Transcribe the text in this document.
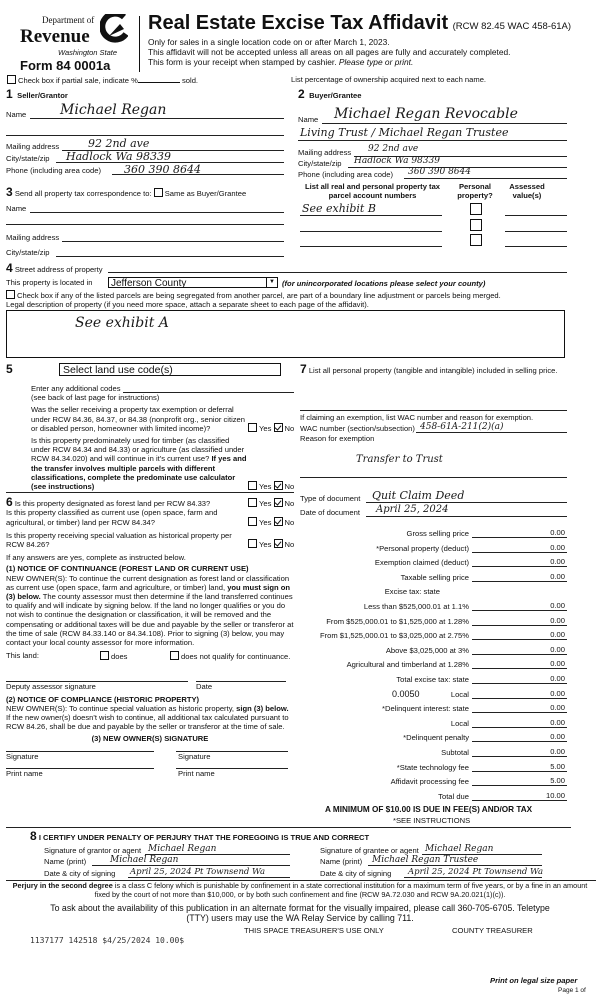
Department of
Revenue
Washington State
Form 84 0001a
Real Estate Excise Tax Affidavit (RCW 82.45 WAC 458-61A)
Only for sales in a single location code on or after March 1, 2023.
This affidavit will not be accepted unless all areas on all pages are fully and accurately completed.
This form is your receipt when stamped by cashier. Please type or print.
Check box if partial sale, indicate %	sold.	List percentage of ownership acquired next to each name.
1 Seller/Grantor
Name Michael Regan
Mailing address	92 2nd ave
City/state/zip Hadlock Wa 98339
Phone (including area code) 360 390 8644
2 Buyer/Grantee
Name Michael Regan Revocable
Living Trust / Michael Regan Trustee
Mailing address 92 2nd ave
City/state/zip Hadlock Wa 98339
Phone (including area code) 360 390 8644
3 Send all property tax correspondence to: Same as Buyer/Grantee
Name
Mailing address
City/state/zip
List all real and personal property tax parcel account numbers
Personal property?
Assessed value(s)
See exhibit B
4 Street address of property
This property is located in	Jefferson County	▼ (for unincorporated locations please select your county)
Check box if any of the listed parcels are being segregated from another parcel, are part of a boundary line adjustment or parcels being merged.
Legal description of property (if you need more space, attach a separate sheet to each page of the affidavit).
See exhibit A
5	Select land use code(s)
Enter any additional codes
(see back of last page for instructions)
Was the seller receiving a property tax exemption or deferral under RCW 84.36, 84.37, or 84.38 (nonprofit org., senior citizen or disabled person, homeowner with limited income)?	Yes No
Is this property predominately used for timber (as classified under RCW 84.34 and 84.33) or agriculture (as classified under RCW 84.34.020) and will continue in it's current use? If yes and the transfer involves multiple parcels with different classifications, complete the predominate use calculator (see instructions)	Yes No
6 Is this property designated as forest land per RCW 84.33?	Yes No
Is this property classified as current use (open space, farm and agricultural, or timber) land per RCW 84.34?	Yes No
Is this property receiving special valuation as historical property per RCW 84.26?	Yes No
If any answers are yes, complete as instructed below.
(1) NOTICE OF CONTINUANCE (FOREST LAND OR CURRENT USE)
NEW OWNER(S): To continue the current designation as forest land or classification as current use (open space, farm and agriculture, or timber) land, you must sign on (3) below. The county assessor must then determine if the land transferred continues to qualify and will indicate by signing below. If the land no longer qualifies or you do not wish to continue the designation or classification, it will be removed and the compensating or additional taxes will be due and payable by the seller or transferor at the time of sale (RCW 84.33.140 or 84.34.108). Prior to signing (3) below, you may contact your local county assessor for more information.
This land:	does	does not qualify for continuance.
Deputy assessor signature	Date
(2) NOTICE OF COMPLIANCE (HISTORIC PROPERTY)
NEW OWNER(S): To continue special valuation as historic property, sign (3) below. If the new owner(s) doesn't wish to continue, all additional tax calculated pursuant to RCW 84.26, shall be due and payable by the seller or transferor at the time of sale.
(3) NEW OWNER(S) SIGNATURE
Signature	Signature
Print name	Print name
7 List all personal property (tangible and intangible) included in selling price.
If claiming an exemption, list WAC number and reason for exemption.
WAC number (section/subsection) 458-61A-211(2)(a)
Reason for exemption
Transfer to Trust
Type of document Quit Claim Deed
Date of document April 25, 2024
Gross selling price	0.00
*Personal property (deduct)	0.00
Exemption claimed (deduct)	0.00
Taxable selling price	0.00
Excise tax: state
Less than $525,000.01 at 1.1%	0.00
From $525,000.01 to $1,525,000 at 1.28%	0.00
From $1,525,000.01 to $3,025,000 at 2.75%	0.00
Above $3,025,000 at 3%	0.00
Agricultural and timberland at 1.28%	0.00
Total excise tax: state	0.00
Local	0.00
0.0050
*Delinquent interest: state	0.00
Local	0.00
*Delinquent penalty	0.00
Subtotal	0.00
*State technology fee	5.00
Affidavit processing fee	5.00
Total due	10.00
A MINIMUM OF $10.00 IS DUE IN FEE(S) AND/OR TAX
*SEE INSTRUCTIONS
8 I CERTIFY UNDER PENALTY OF PERJURY THAT THE FOREGOING IS TRUE AND CORRECT
Signature of grantor or agent Michael Regan
Name (print)	Michael Regan
Date & city of signing April 25, 2024 Pt Townsend Wa
Signature of grantee or agent Michael Regan
Name (print) Michael Regan Trustee
Date & city of signing April 25, 2024 Pt Townsend Wa
Perjury in the second degree is a class C felony which is punishable by confinement in a state correctional institution for a maximum term of five years, or by a fine in an amount fixed by the court of not more than $10,000, or by both such confinement and fine (RCW 9A.72.030 and RCW 9A.20.021(1)(c)).
To ask about the availability of this publication in an alternate format for the visually impaired, please call 360-705-6705. Teletype (TTY) users may use the WA Relay Service by calling 711.
THIS SPACE TREASURER'S USE ONLY	COUNTY TREASURER
1137177 142518 $4/25/2024 10.00$
Print on legal size paper
Page 1 of
